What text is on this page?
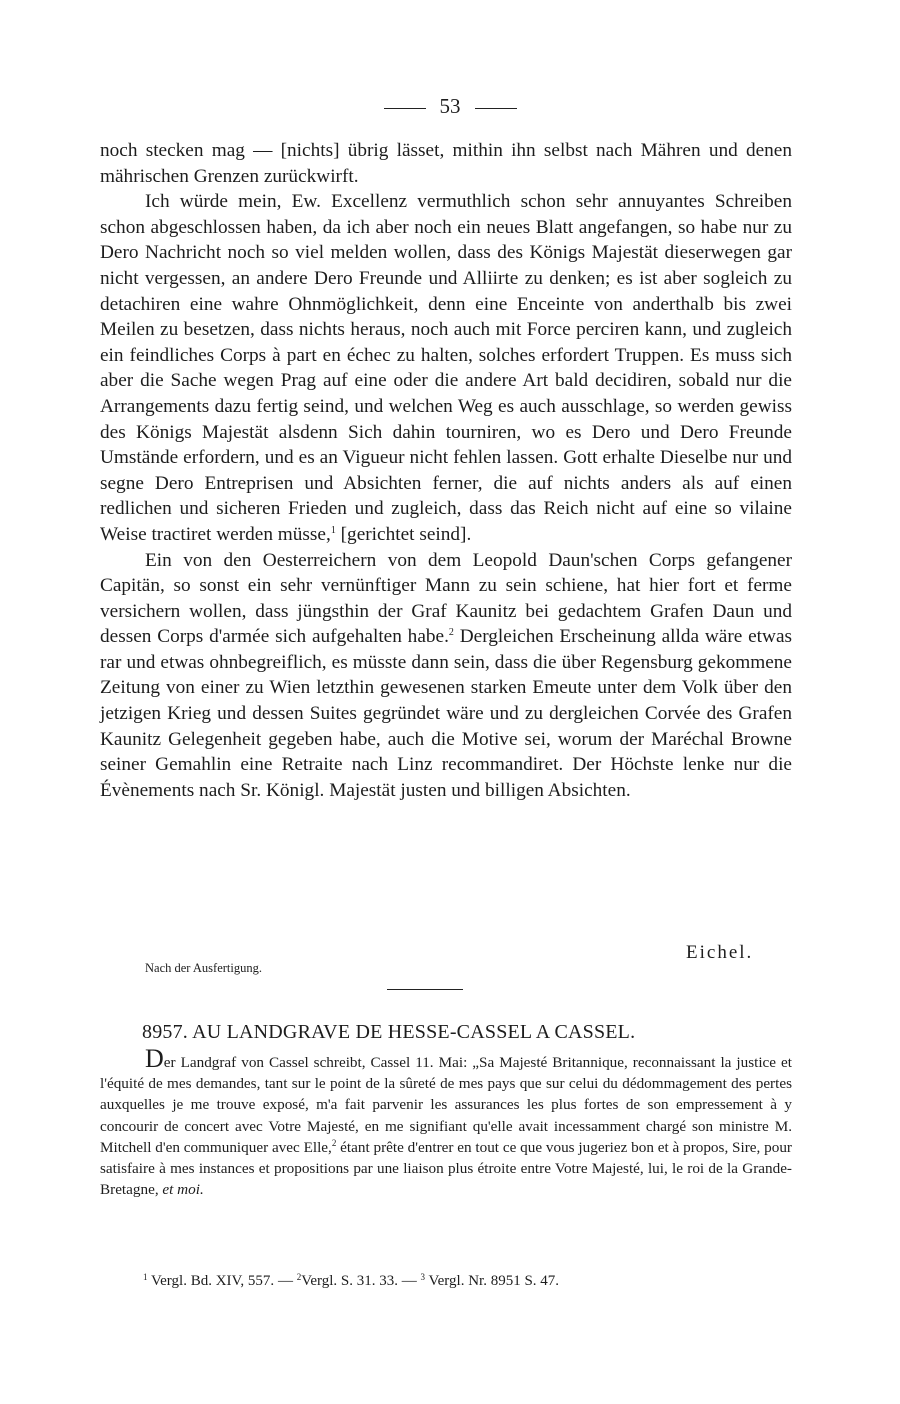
53

noch stecken mag — [nichts] übrig lässet, mithin ihn selbst nach Mähren und denen mährischen Grenzen zurückwirft.

Ich würde mein, Ew. Excellenz vermuthlich schon sehr annuyantes Schreiben schon abgeschlossen haben, da ich aber noch ein neues Blatt angefangen, so habe nur zu Dero Nachricht noch so viel melden wollen, dass des Königs Majestät dieserwegen gar nicht vergessen, an andere Dero Freunde und Alliirte zu denken; es ist aber sogleich zu detachiren eine wahre Ohnmöglichkeit, denn eine Enceinte von anderthalb bis zwei Meilen zu besetzen, dass nichts heraus, noch auch mit Force perciren kann, und zugleich ein feindliches Corps à part en échec zu halten, solches erfordert Truppen. Es muss sich aber die Sache wegen Prag auf eine oder die andere Art bald decidiren, sobald nur die Arrangements dazu fertig seind, und welchen Weg es auch ausschlage, so werden gewiss des Königs Majestät alsdenn Sich dahin tourniren, wo es Dero und Dero Freunde Umstände erfordern, und es an Vigueur nicht fehlen lassen. Gott erhalte Dieselbe nur und segne Dero Entreprisen und Absichten ferner, die auf nichts anders als auf einen redlichen und sicheren Frieden und zugleich, dass das Reich nicht auf eine so vilaine Weise tractiret werden müsse,$^1$ [gerichtet seind].

Ein von den Oesterreichern von dem Leopold Daun'schen Corps gefangener Capitän, so sonst ein sehr vernünftiger Mann zu sein schiene, hat hier fort et ferme versichern wollen, dass jüngsthin der Graf Kaunitz bei gedachtem Grafen Daun und dessen Corps d'armée sich aufgehalten habe.$^2$ Dergleichen Erscheinung allda wäre etwas rar und etwas ohnbegreiflich, es müsste dann sein, dass die über Regensburg gekommene Zeitung von einer zu Wien letzthin gewesenen starken Emeute unter dem Volk über den jetzigen Krieg und dessen Suites gegründet wäre und zu dergleichen Corvée des Grafen Kaunitz Gelegenheit gegeben habe, auch die Motive sei, worum der Maréchal Browne seiner Gemahlin eine Retraite nach Linz recommandiret. Der Höchste lenke nur die Évènements nach Sr. Königl. Majestät justen und billigen Absichten.

Eichel.
Nach der Ausfertigung.
8957. AU LANDGRAVE DE HESSE-CASSEL A CASSEL.

Der Landgraf von Cassel schreibt, Cassel 11. Mai: „Sa Majesté Britannique, reconnaissant la justice et l'équité de mes demandes, tant sur le point de la sûreté de mes pays que sur celui du dédommagement des pertes auxquelles je me trouve exposé, m'a fait parvenir les assurances les plus fortes de son empressement à y concourir de concert avec Votre Majesté, en me signifiant qu'elle avait incessamment chargé son ministre M. Mitchell d'en communiquer avec Elle,$^2$ étant prête d'entrer en tout ce que vous jugeriez bon et à propos, Sire, pour satisfaire à mes instances et propositions par une liaison plus étroite entre Votre Majesté, lui, le roi de la Grande-Bretagne, et moi.

$^1$ Vergl. Bd. XIV, 557. — $^2$Vergl. S. 31. 33. — $^3$ Vergl. Nr. 8951 S. 47.
